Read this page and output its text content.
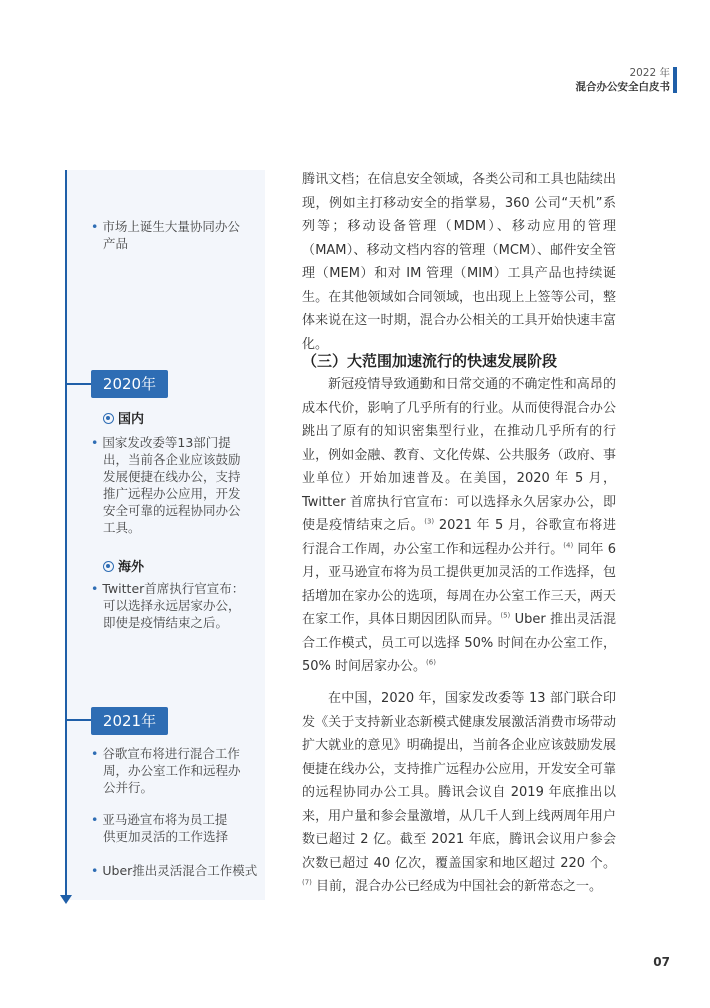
2022 年
混合办公安全白皮书
• 市场上诞生大量协同办公
产品
2020年
国内
• 国家发改委等13部门提
出，当前各企业应该鼓励
发展便捷在线办公，支持
推广远程办公应用，开发
安全可靠的远程协同办公
工具。
海外
• Twitter首席执行官宣布：
可以选择永远居家办公，
即使是疫情结束之后。
2021年
• 谷歌宣布将进行混合工作
周，办公室工作和远程办
公并行。
• 亚马逊宣布将为员工提
供更加灵活的工作选择
• Uber推出灵活混合工作模式

腾讯文档；在信息安全领域，各类公司和工具也陆续出现，例如主打移动安全的指掌易，360 公司“天机”系列等；移动设备管理（MDM）、移动应用的管理（MAM）、移动文档内容的管理（MCM）、邮件安全管理（MEM）和对 IM 管理（MIM）工具产品也持续诞生。在其他领域如合同领域，也出现上上签等公司，整体来说在这一时期，混合办公相关的工具开始快速丰富化。

（三）大范围加速流行的快速发展阶段

新冠疫情导致通勤和日常交通的不确定性和高昂的成本代价，影响了几乎所有的行业。从而使得混合办公跳出了原有的知识密集型行业，在推动几乎所有的行业，例如金融、教育、文化传媒、公共服务（政府、事业单位）开始加速普及。在美国，2020 年 5 月，Twitter 首席执行官宣布：可以选择永久居家办公，即使是疫情结束之后。$^{(3)}$ 2021 年 5 月，谷歌宣布将进行混合工作周，办公室工作和远程办公并行。$^{(4)}$ 同年 6 月，亚马逊宣布将为员工提供更加灵活的工作选择，包括增加在家办公的选项，每周在办公室工作三天，两天在家工作，具体日期因团队而异。$^{(5)}$ Uber 推出灵活混合工作模式，员工可以选择 50% 时间在办公室工作，50% 时间居家办公。$^{(6)}$

在中国，2020 年，国家发改委等 13 部门联合印发《关于支持新业态新模式健康发展激活消费市场带动扩大就业的意见》明确提出，当前各企业应该鼓励发展便捷在线办公，支持推广远程办公应用，开发安全可靠的远程协同办公工具。腾讯会议自 2019 年底推出以来，用户量和参会量激增，从几千人到上线两周年用户数已超过 2 亿。截至 2021 年底，腾讯会议用户参会次数已超过 40 亿次，覆盖国家和地区超过 220 个。$^{(7)}$ 目前，混合办公已经成为中国社会的新常态之一。

07
